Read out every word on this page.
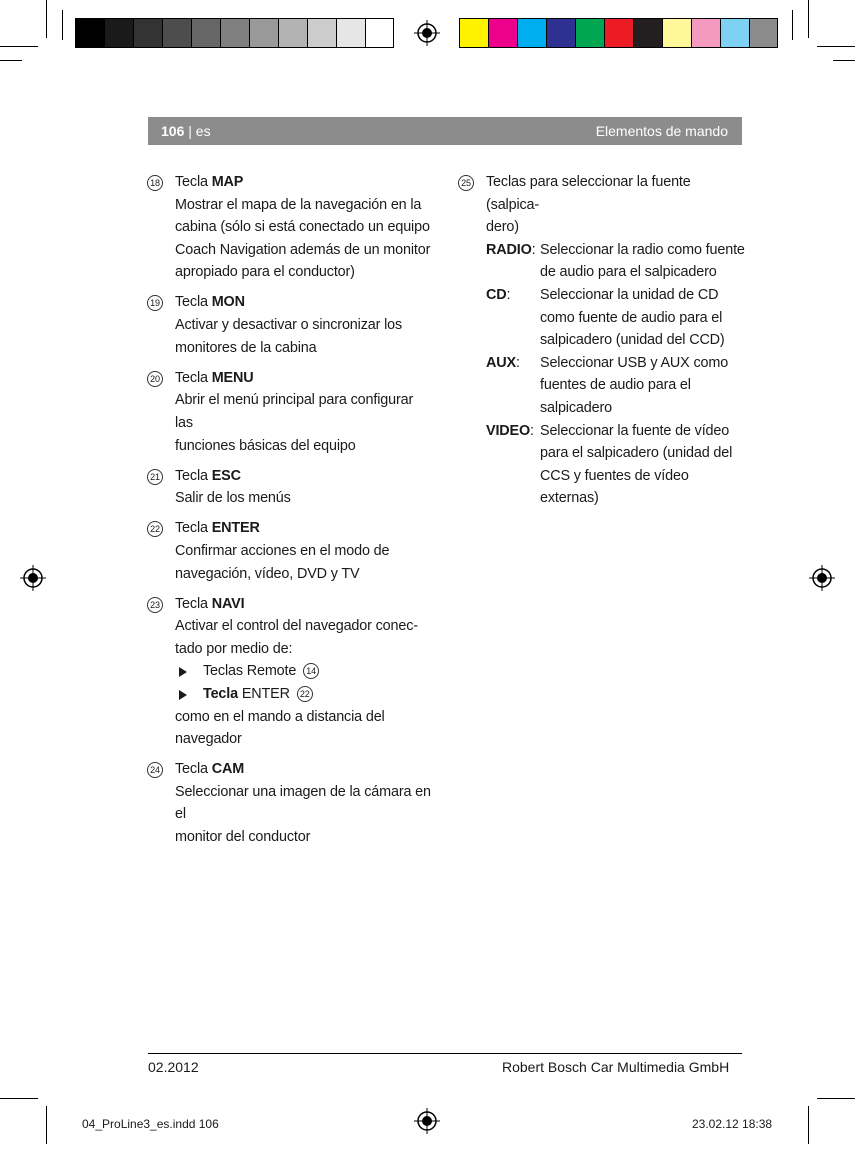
106 | es	Elementos de mando
18 Tecla MAP
Mostrar el mapa de la navegación en la
cabina (sólo si está conectado un equipo
Coach Navigation además de un monitor
apropiado para el conductor)
19 Tecla MON
Activar y desactivar o sincronizar los
monitores de la cabina
20 Tecla MENU
Abrir el menú principal para configurar las
funciones básicas del equipo
21 Tecla ESC
Salir de los menús
22 Tecla ENTER
Confirmar acciones en el modo de
navegación, vídeo, DVD y TV
23 Tecla NAVI
Activar el control del navegador conec-
tado por medio de:
Teclas Remote 14
Tecla ENTER 22
como en el mando a distancia del
navegador
24 Tecla CAM
Seleccionar una imagen de la cámara en el
monitor del conductor
25 Teclas para seleccionar la fuente (salpica-
dero)
RADIO: Seleccionar la radio como fuente
de audio para el salpicadero
CD:	Seleccionar la unidad de CD
como fuente de audio para el
salpicadero (unidad del CCD)
AUX:	Seleccionar USB y AUX como
fuentes de audio para el
salpicadero
VIDEO: Seleccionar la fuente de vídeo
para el salpicadero (unidad del
CCS y fuentes de vídeo externas)
02.2012	Robert Bosch Car Multimedia GmbH
04_ProLine3_es.indd 106	23.02.12 18:38
